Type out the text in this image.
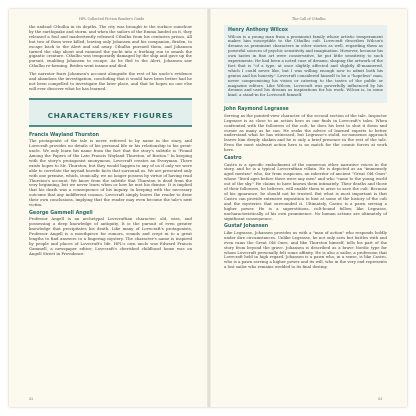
HPL Collected Fiction Reader's Guide

the undead Cthulhu in its depths. The city was brought to the surface somehow by the earthquake and storm, and when the sailors of the Emma landed on it, they released a foul and inadvertently released Cthulhu from his centuries prison. All but two of them were killed, leaving only Johansen and his companion, Briden, to escape back to the Alert and sail away. Cthulhu pursued them, and Johansen turned the ship about and rammed the yacht into a frothing run to smash the gigantic creature. Cthulhu was temporarily damaged by the ship and gave up the pursuit, enabling Johansen to escape. As he fled to the Alert, Johansen saw Cthulhu re-forming. Briden went insane and died.

The narrator fears Johansen's account alongside the rest of his uncle's evidence and abandons the investigation, concluding that it would have been better had he not been compelled to investigate the later place, and that he hopes no one else will ever discover what he has learned.

CHARACTERS/KEY FIGURES
Francis Wayland Thurston

The protagonist of the tale is never referred to by name in the story, and Lovecraft provides no details of his personal life or his relationship to his great-uncle. We only learn his name from the fact that the story's subtitle is "Found Among the Papers of the Late Francis Wayland Thurston, of Boston." In keeping with the story's protagonist anonymous, Lovecraft creates an Everyman. There exists hopes to Mr. Thurston, but they would happen to any of us if only we were able to correlate the myriad horrific facts that surround us. We are presented only with one premise, which, ironically, we no longer possess by virtue of having read Thurston's account. We know from the subtitle that Thurston is dead from the very beginning, but we never learn when or how he met his demise. It is implied that his death was a consequence of his inquiry. In keeping with the necessary outcome that any indifferent cosmos, Lovecraft simply leaves the reader to draw their own conclusions, implying that the reader may even become the tale's next victim.

George Gammell Angell

Professor Angell is an archetypal Lovecraftian character: old, wise, and possessing a deep knowledge of antiquity. It is the pursuit of even greater knowledge that precipitates his death. Like many of Lovecraft's protagonists, Professor Angell is a mouthpiece for rumors, sounds and crept in to a great lengths to find answers to a lingering mystery. The character's name is inspired by people and places of Lovecraft's life. HPL's own uncle was Edward Francis Gammell, a newspaper editor; Lovecraft's cherished childhood home was on Angell Street in Providence.

52
The Call of Cthulhu
Henry Anthony Wilcox

Wilcox is a young man from a prominent family whose artistic temperament makes him susceptible to the Cthulhu cult. Lovecraft describes Wilcox's dreams as prominent characters in other stories as well, regarding them as powerful sources of psychic sensitivity and imagination. However, because his own tastes in fine art were conservative, he put little sensitivity to such experiments. He had been a noted case of dreams, shaping the artwork of the fact that is "of a type, at once slightly affected and slightly ill-mannered, which I could never like, but I was willing enough now to admit both his genius and his honesty." Lovecraft considered himself to be a "hopeless" man, never compromising his vision or catering to the tastes of the public or magazine editors. Like Wilcox, Lovecraft was powerfully influenced by his dreams and used his dreams as inspirations for his work. Wilcox is, in some kind, a stand-in for Lovecraft himself.

John Raymond Legrasse

Serving as the pointed-view character of the second section of the tale, Inspector Legrasse is as close to an action hero as one finds in Lovecraft's tales. When confronted with the followers of the cult, he does his best to shut it down and corner as many as he can. He seeks the advice of learned experts to better understand what he has witnessed, but Legrasse's stolid, no-nonsense approach leaves him deeply shaken and he is only a brief presence in the rest of the tale. Even the most stalwart action hero is no match for the cosmic forces at work here.

Castro

Castro is a specific embodiment of the numerous other narrative voices in the story, and he is a typical Lovecraftian villain. He is depicted as an "immensely aged mestizo" who, far from suspicion, an inheritor of ancient "Great Old Ones" whose "lived ages before there were any men" and who "came to the young world out of the sky." He claims to have known them intimately. Their deaths and those of their followers, he believes, will enable them to arise to save the cult. Because of his ignorance, he should not be trusted. But what is most important is that Castro can provide extensive exposition to hint at some of the history of the cult and the mysteries that surrounded it. Ultimately, Castro is a pawn serving a higher power. He is a superstitious, cult-bound fellow, like Legrasse, uncharacteristically of his own prominence. No human actions are ultimately of significant consequence.

Gustaf Johansen

Like Legrasse, Johansen provides us with a "man of action" who responds boldly under dire circumstances. Unlike Legrasse, he not only sees but battles with and even rams the Great Old Ones, and like Thurston himself, tells his part of the story from beyond the grave. Johansen is described as a brave Nordic type for whom Lovecraft personally felt some affinity. He is also a sailor, a profession that Lovecraft held in high regard. Johansen is a pawn who, in a sense, is like Castro, who is a pawn serving a higher power and its will, who in the very end represents a lost sailor who remains wedded to its final destiny.

53
